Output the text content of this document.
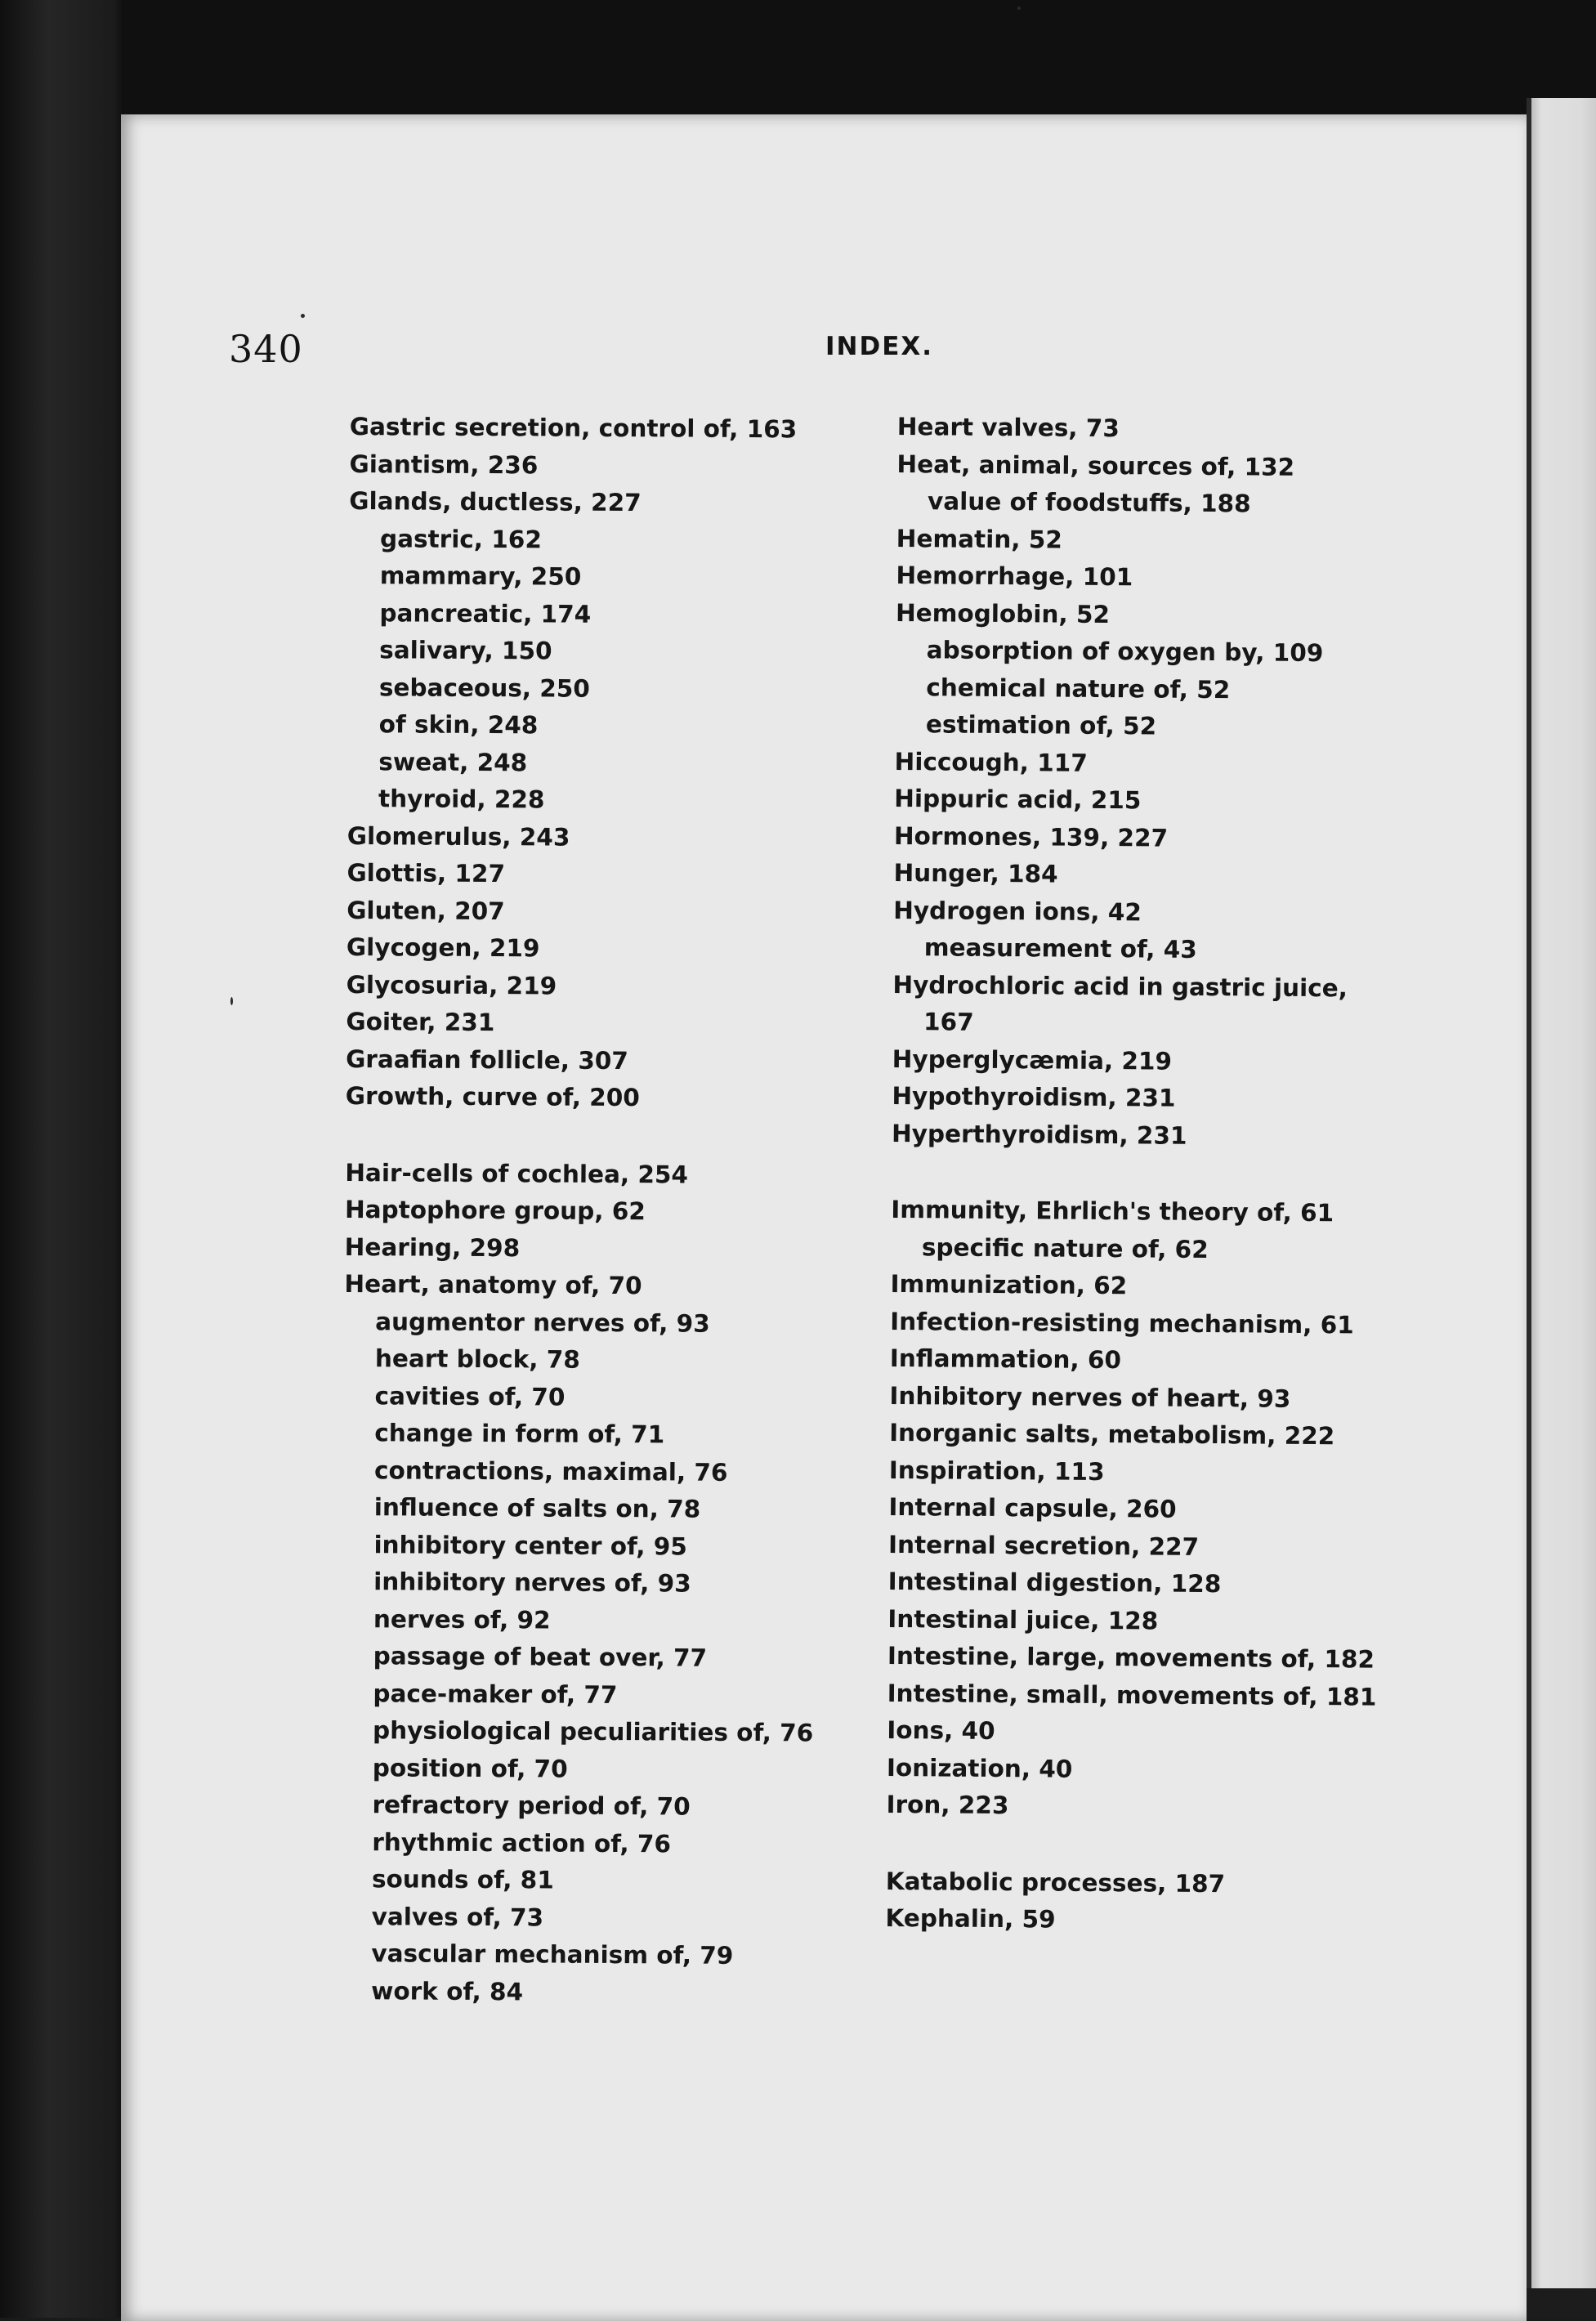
340	INDEX.
Gastric secretion, control of, 163
Giantism, 236
Glands, ductless, 227
gastric, 162
mammary, 250
pancreatic, 174
salivary, 150
sebaceous, 250
of skin, 248
sweat, 248
thyroid, 228
Glomerulus, 243
Glottis, 127
Gluten, 207
Glycogen, 219
Glycosuria, 219
Goiter, 231
Graafian follicle, 307
Growth, curve of, 200
Hair-cells of cochlea, 254
Haptophore group, 62
Hearing, 298
Heart, anatomy of, 70
augmentor nerves of, 93
heart block, 78
cavities of, 70
change in form of, 71
contractions, maximal, 76
influence of salts on, 78
inhibitory center of, 95
inhibitory nerves of, 93
nerves of, 92
passage of beat over, 77
pace-maker of, 77
physiological peculiarities of, 76
position of, 70
refractory period of, 70
rhythmic action of, 76
sounds of, 81
valves of, 73
vascular mechanism of, 79
work of, 84
Heart valves, 73
Heat, animal, sources of, 132
value of foodstuffs, 188
Hematin, 52
Hemorrhage, 101
Hemoglobin, 52
absorption of oxygen by, 109
chemical nature of, 52
estimation of, 52
Hiccough, 117
Hippuric acid, 215
Hormones, 139, 227
Hunger, 184
Hydrogen ions, 42
measurement of, 43
Hydrochloric acid in gastric juice,
167
Hyperglycæmia, 219
Hypothyroidism, 231
Hyperthyroidism, 231
Immunity, Ehrlich's theory of, 61
specific nature of, 62
Immunization, 62
Infection-resisting mechanism, 61
Inflammation, 60
Inhibitory nerves of heart, 93
Inorganic salts, metabolism, 222
Inspiration, 113
Internal capsule, 260
Internal secretion, 227
Intestinal digestion, 128
Intestinal juice, 128
Intestine, large, movements of, 182
Intestine, small, movements of, 181
Ions, 40
Ionization, 40
Iron, 223
Katabolic processes, 187
Kephalin, 59
